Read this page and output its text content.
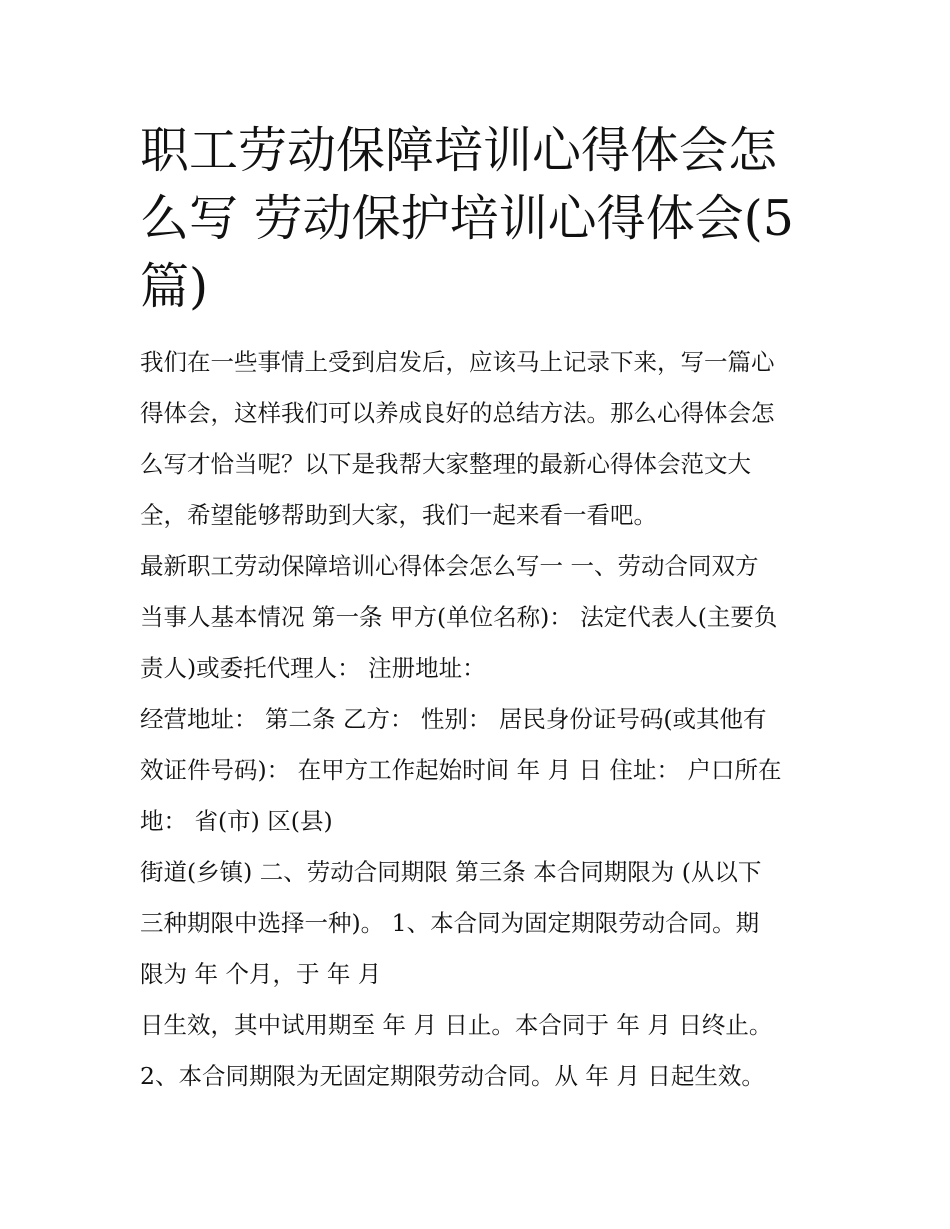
职工劳动保障培训心得体会怎
么写 劳动保护培训心得体会(5
篇)
我们在一些事情上受到启发后，应该马上记录下来，写一篇心
得体会，这样我们可以养成良好的总结方法。那么心得体会怎
么写才恰当呢？以下是我帮大家整理的最新心得体会范文大
全，希望能够帮助到大家，我们一起来看一看吧。
最新职工劳动保障培训心得体会怎么写一 一、劳动合同双方
当事人基本情况 第一条 甲方(单位名称)： 法定代表人(主要负
责人)或委托代理人： 注册地址：
经营地址： 第二条 乙方： 性别： 居民身份证号码(或其他有
效证件号码)： 在甲方工作起始时间 年 月 日 住址： 户口所在
地： 省(市) 区(县)
街道(乡镇) 二、劳动合同期限 第三条 本合同期限为 (从以下
三种期限中选择一种)。 1、本合同为固定期限劳动合同。期
限为 年 个月，于 年 月
日生效，其中试用期至 年 月 日止。本合同于 年 月 日终止。
2、本合同期限为无固定期限劳动合同。从 年 月 日起生效。
